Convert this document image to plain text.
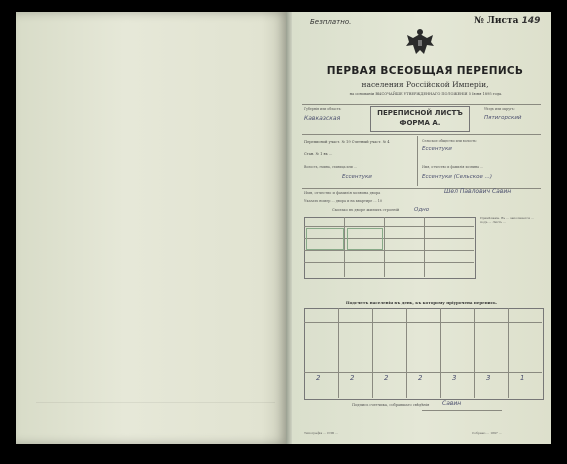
Безплатно.	№ Листа 149
ПЕРВАЯ ВСЕОБЩАЯ ПЕРЕПИСЬ
населения Россійской Имперіи,
на основаніи ВЫСОЧАЙШЕ УТВЕРЖДЕННАГО ПОЛОЖЕНІЯ 5 Іюня 1895 года.
Губернія или область:
Кавказская
ПЕРЕПИСНОЙ ЛИСТЪ
ФОРМА А.
Уѣздъ или округъ:
Пятигорский
Переписной участ. № 19 Счетный участ. № 4	Сельское общество или волость:
Ессентуки
Стан. № 1 въ ...
Волость, гмина, станица или ...
Ессентуки
Имя, отчество и фамилія хозяина ...
Ессентуки (Сельское ...)
Имя, отчество и фамилія хозяина двора	Шел Павлович Савин
Указать номер ... двора и на квартире ... 10
Сколько въ дворе жилыхъ строеній	Одно
Примѣчаніе. Въ ... заполняется ... подъ ... Листъ ...
Подсчетъ населенія въ день, къ которому пріурочена перепись.
2	2	2	2	3	3	1
Подпись счетчика, собравшаго свѣдѣнія Савин
Типографія ... СПБ ...	Собрано ... 1897 ...
